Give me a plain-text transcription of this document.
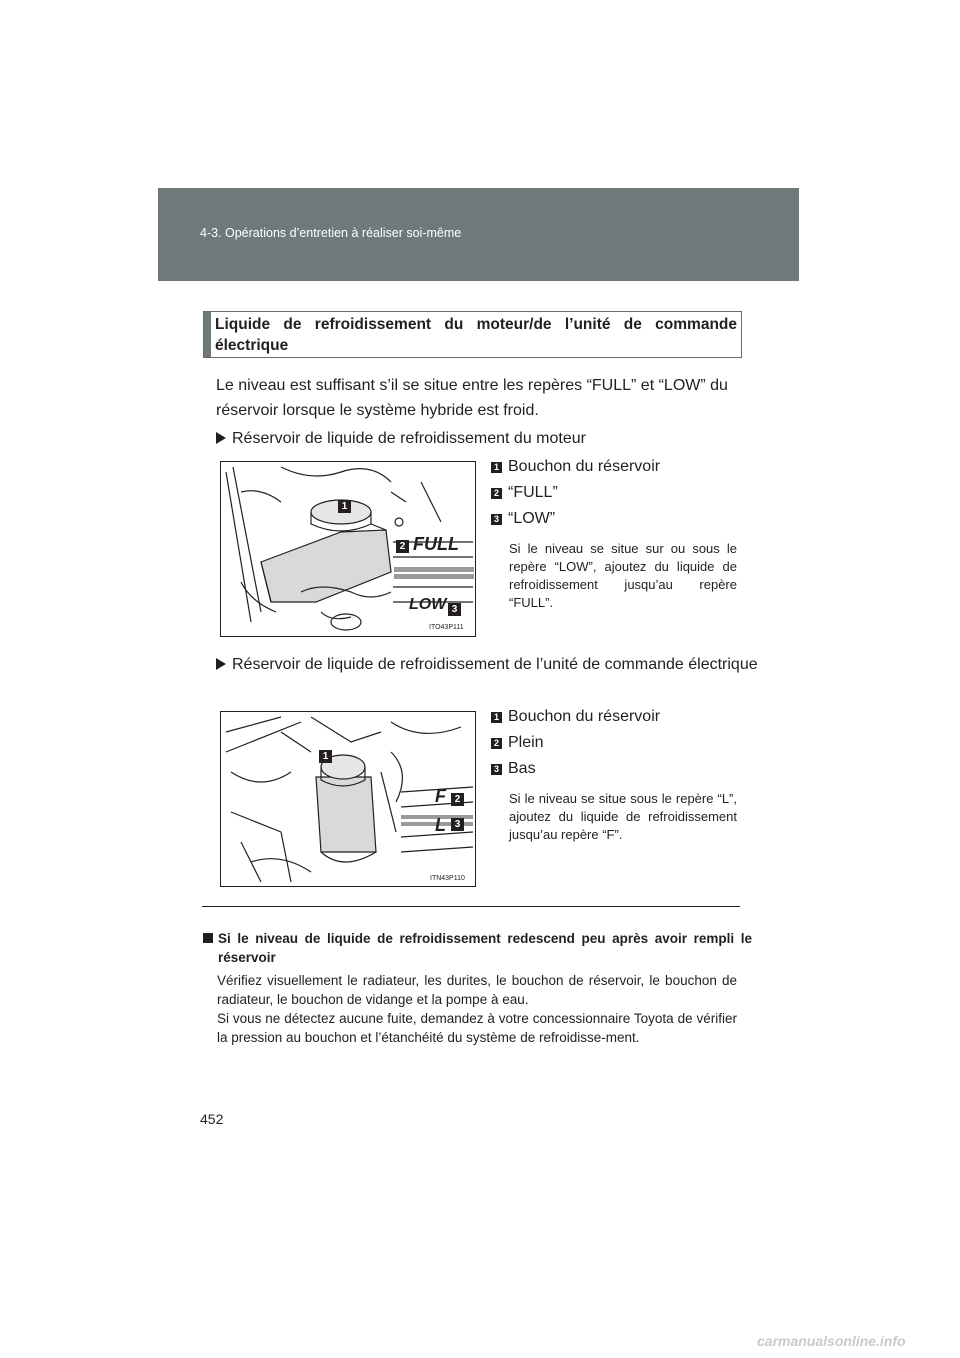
4-3. Opérations d’entretien à réaliser soi-même
Liquide de refroidissement du moteur/de l’unité de commande électrique
Le niveau est suffisant s’il se situe entre les repères “FULL” et “LOW” du réservoir lorsque le système hybride est froid.
Réservoir de liquide de refroidissement du moteur
1
2 FULL
LOW 3
ITO43P111
1 Bouchon du réservoir
2 “FULL”
3 “LOW”
Si le niveau se situe sur ou sous le repère “LOW”, ajoutez du liquide de refroidissement jusqu’au repère “FULL”.
Réservoir de liquide de refroidissement de l’unité de commande électrique
1
F 2
L 3
ITN43P110
1 Bouchon du réservoir
2 Plein
3 Bas
Si le niveau se situe sous le repère “L”, ajoutez du liquide de refroidissement jusqu’au repère “F”.
Si le niveau de liquide de refroidissement redescend peu après avoir rempli le réservoir

Vérifiez visuellement le radiateur, les durites, le bouchon de réservoir, le bouchon de radiateur, le bouchon de vidange et la pompe à eau.

Si vous ne détectez aucune fuite, demandez à votre concessionnaire Toyota de vérifier la pression au bouchon et l’étanchéité du système de refroidisse-ment.

452
carmanualsonline.info
